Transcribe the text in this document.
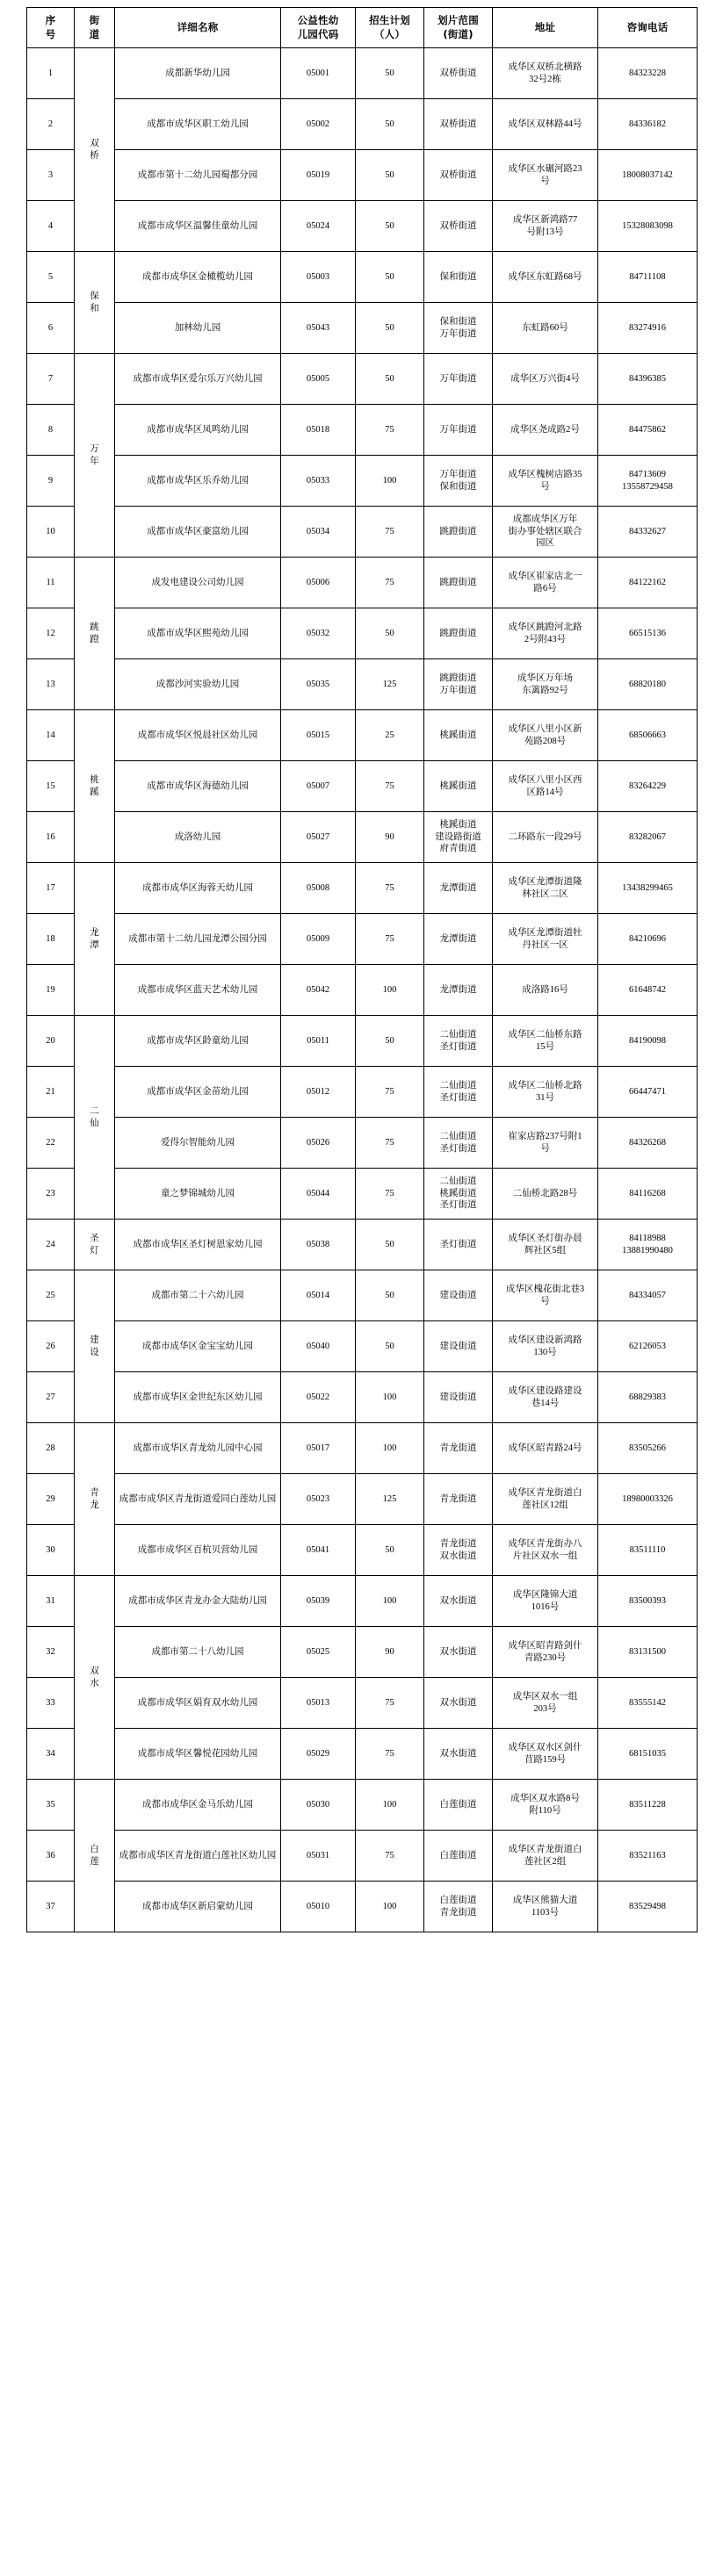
序
号	街
道	详细名称	公益性幼
儿园代码	招生计划
（人）	划片范围
(街道)	地址	咨询电话
1	双
桥	成都新华幼儿园	05001	50	双桥街道	成华区双桥北横路
32号2栋	84323228

2		成都市成华区职工幼儿园	05002	50	双桥街道	成华区双林路44号	84336182

3		成都市第十二幼儿园蜀都分园	05019	50	双桥街道	成华区水碾河路23
号	18008037142

4		成都市成华区温馨佳童幼儿园	05024	50	双桥街道	成华区新鸿路77
号附13号	15328083098

5	保
和	成都市成华区金橄榄幼儿园	05003	50	保和街道	成华区东虹路68号	84711108

6		加林幼儿园	05043	50	保和街道
万年街道	东虹路60号	83274916

7	万
年	成都市成华区爱尔乐万兴幼儿园	05005	50	万年街道	成华区万兴街4号	84396385

8		成都市成华区凤鸣幼儿园	05018	75	万年街道	成华区尧成路2号	84475862

9		成都市成华区乐乔幼儿园	05033	100	万年街道
保和街道	成华区槐树店路35
号	84713609
13558729458

10		成都市成华区豪富幼儿园	05034	75	跳蹬街道	成都成华区万年
街办事处辖区联合
园区	84332627

11	跳
蹬	成发电建设公司幼儿园	05006	75	跳蹬街道	成华区崔家店北一
路6号	84122162

12		成都市成华区熙苑幼儿园	05032	50	跳蹬街道	成华区跳蹬河北路
2号附43号	66515136

13		成都沙河实验幼儿园	05035	125	跳蹬街道
万年街道	成华区万年场
东篱路92号	68820180

14	桃
蹊	成都市成华区悦晨社区幼儿园	05015	25	桃蹊街道	成华区八里小区新
苑路208号	68506663

15		成都市成华区海德幼儿园	05007	75	桃蹊街道	成华区八里小区西
区路14号	83264229

16		成洛幼儿园	05027	90	桃蹊街道
建设路街道
府青街道	二环路东一段29号	83282067

17	龙
潭	成都市成华区海蓉天幼儿园	05008	75	龙潭街道	成华区龙潭街道隆
林社区二区	13438299465

18		成都市第十二幼儿园龙潭公园分园	05009	75	龙潭街道	成华区龙潭街道牡
丹社区一区	84210696

19		成都市成华区蓝天艺术幼儿园	05042	100	龙潭街道	成洛路16号	61648742

20	二
仙	成都市成华区龄童幼儿园	05011	50	二仙街道
圣灯街道	成华区二仙桥东路
15号	84190098

21		成都市成华区金苗幼儿园	05012	75	二仙街道
圣灯街道	成华区二仙桥北路
31号	66447471

22		爱得尔智能幼儿园	05026	75	二仙街道
圣灯街道	崔家店路237号附1
号	84326268

23		童之梦锦城幼儿园	05044	75	二仙街道
桃蹊街道
圣灯街道	二仙桥北路28号	84116268

24	圣
灯	成都市成华区圣灯树恩家幼儿园	05038	50	圣灯街道	成华区圣灯街办晨
辉社区5组	84118988
13881990480

25	建
设	成都市第二十六幼儿园	05014	50	建设街道	成华区槐花街北巷3
号	84334057

26		成都市成华区金宝宝幼儿园	05040	50	建设街道	成华区建设新鸿路
130号	62126053

27		成都市成华区金世纪东区幼儿园	05022	100	建设街道	成华区建设路建设
巷14号	68829383

28	青
龙	成都市成华区青龙幼儿园中心园	05017	100	青龙街道	成华区昭青路24号	83505266

29		成都市成华区青龙街道爱同白莲幼儿园	05023	125	青龙街道	成华区青龙街道白
莲社区12组	18980003326

30		成都市成华区百杭贝营幼儿园	05041	50	青龙街道
双水街道	成华区青龙街办八
片社区双水一组	83511110

31	双
水	成都市成华区青龙办金大陆幼儿园	05039	100	双水街道	成华区隆锦大道
1016号	83500393

32		成都市第二十八幼儿园	05025	90	双水街道	成华区昭青路剑什
青路230号	83131500

33		成都市成华区娟育双水幼儿园	05013	75	双水街道	成华区双水一组
203号	83555142

34		成都市成华区馨悦花园幼儿园	05029	75	双水街道	成华区双水区剑什
苜路159号	68151035

35	白
莲	成都市成华区金马乐幼儿园	05030	100	白莲街道	成华区双水路8号
附110号	83511228

36		成都市成华区青龙街道白莲社区幼儿园	05031	75	白莲街道	成华区青龙街道白
莲社区2组	83521163

37		成都市成华区新启蒙幼儿园	05010	100	白莲街道
青龙街道	成华区熊猫大道
1103号	83529498
